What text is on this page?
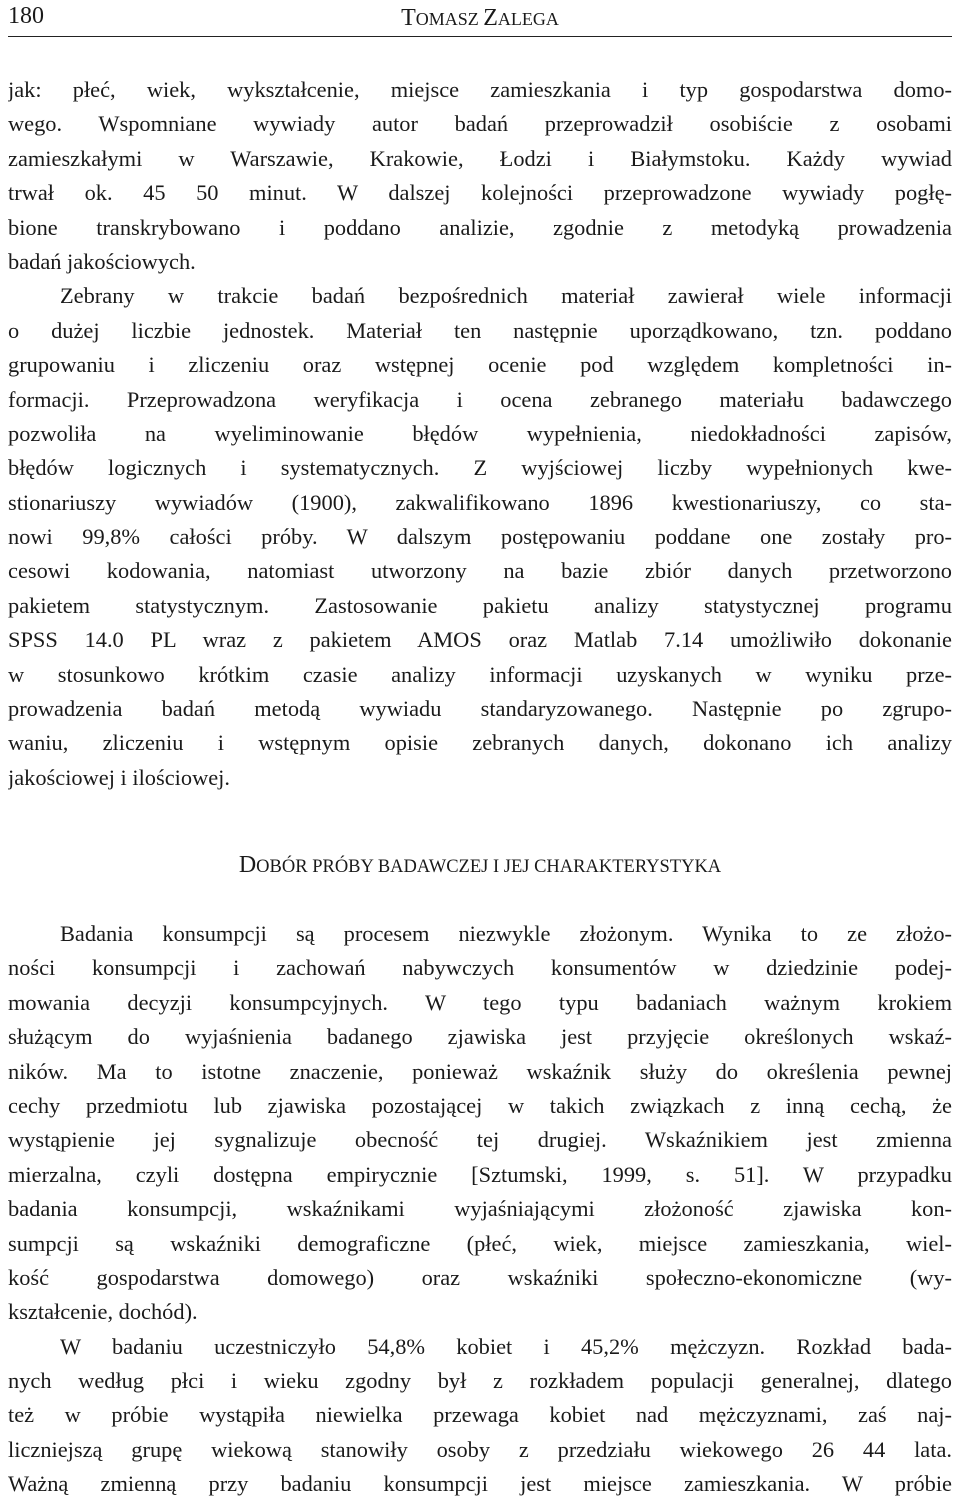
180	TOMASZ ZALEGA
jak: płeć, wiek, wykształcenie, miejsce zamieszkania i typ gospodarstwa domo-
wego. Wspomniane wywiady autor badań przeprowadził osobiście z osobami
zamieszkałymi w Warszawie, Krakowie, Łodzi i Białymstoku. Każdy wywiad
trwał ok. 45 50 minut. W dalszej kolejności przeprowadzone wywiady pogłę-
bione transkrybowano i poddano analizie, zgodnie z metodyką prowadzenia
badań jakościowych.
Zebrany w trakcie badań bezpośrednich materiał zawierał wiele informacji
o dużej liczbie jednostek. Materiał ten następnie uporządkowano, tzn. poddano
grupowaniu i zliczeniu oraz wstępnej ocenie pod względem kompletności in-
formacji. Przeprowadzona weryfikacja i ocena zebranego materiału badawczego
pozwoliła na wyeliminowanie błędów wypełnienia, niedokładności zapisów,
błędów logicznych i systematycznych. Z wyjściowej liczby wypełnionych kwe-
stionariuszy wywiadów (1900), zakwalifikowano 1896 kwestionariuszy, co sta-
nowi 99,8% całości próby. W dalszym postępowaniu poddane one zostały pro-
cesowi kodowania, natomiast utworzony na bazie zbiór danych przetworzono
pakietem statystycznym. Zastosowanie pakietu analizy statystycznej programu
SPSS 14.0 PL wraz z pakietem AMOS oraz Matlab 7.14 umożliwiło dokonanie
w stosunkowo krótkim czasie analizy informacji uzyskanych w wyniku prze-
prowadzenia badań metodą wywiadu standaryzowanego. Następnie po zgrupo-
waniu, zliczeniu i wstępnym opisie zebranych danych, dokonano ich analizy
jakościowej i ilościowej.
DOBÓR PRÓBY BADAWCZEJ I JEJ CHARAKTERYSTYKA
Badania konsumpcji są procesem niezwykle złożonym. Wynika to ze złożo-
ności konsumpcji i zachowań nabywczych konsumentów w dziedzinie podej-
mowania decyzji konsumpcyjnych. W tego typu badaniach ważnym krokiem
służącym do wyjaśnienia badanego zjawiska jest przyjęcie określonych wskaź-
ników. Ma to istotne znaczenie, ponieważ wskaźnik służy do określenia pewnej
cechy przedmiotu lub zjawiska pozostającej w takich związkach z inną cechą, że
wystąpienie jej sygnalizuje obecność tej drugiej. Wskaźnikiem jest zmienna
mierzalna, czyli dostępna empirycznie [Sztumski, 1999, s. 51]. W przypadku
badania konsumpcji, wskaźnikami wyjaśniającymi złożoność zjawiska kon-
sumpcji są wskaźniki demograficzne (płeć, wiek, miejsce zamieszkania, wiel-
kość gospodarstwa domowego) oraz wskaźniki społeczno-ekonomiczne (wy-
kształcenie, dochód).
W badaniu uczestniczyło 54,8% kobiet i 45,2% mężczyzn. Rozkład bada-
nych według płci i wieku zgodny był z rozkładem populacji generalnej, dlatego
też w próbie wystąpiła niewielka przewaga kobiet nad mężczyznami, zaś naj-
liczniejszą grupę wiekową stanowiły osoby z przedziału wiekowego 26 44 lata.
Ważną zmienną przy badaniu konsumpcji jest miejsce zamieszkania. W próbie
